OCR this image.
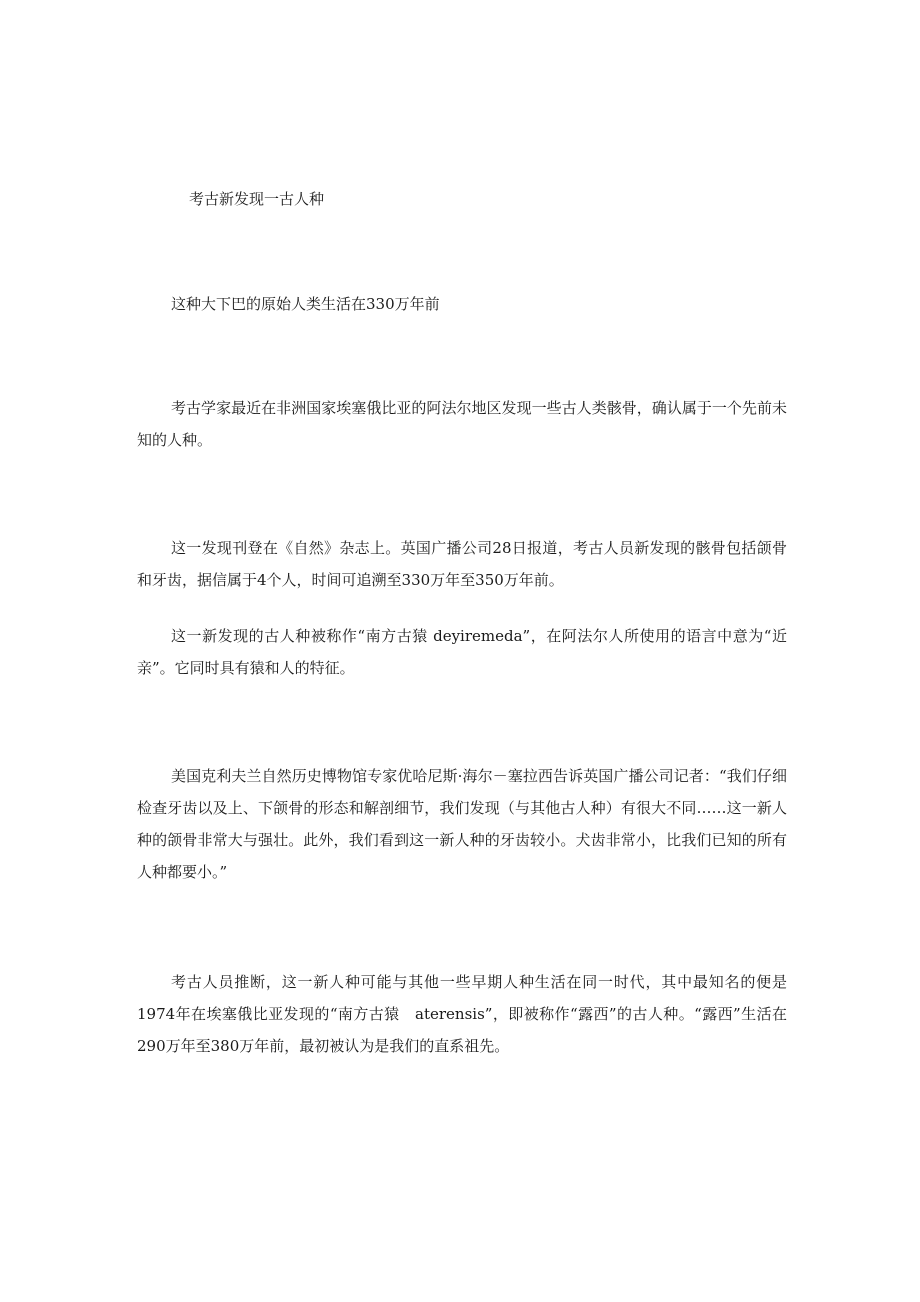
考古新发现一古人种

这种大下巴的原始人类生活在330万年前

考古学家最近在非洲国家埃塞俄比亚的阿法尔地区发现一些古人类骸骨，确认属于一个先前未知的人种。

这一发现刊登在《自然》杂志上。英国广播公司28日报道，考古人员新发现的骸骨包括颌骨和牙齿，据信属于4个人，时间可追溯至330万年至350万年前。

这一新发现的古人种被称作“南方古猿 deyiremeda”，在阿法尔人所使用的语言中意为“近亲”。它同时具有猿和人的特征。

美国克利夫兰自然历史博物馆专家优哈尼斯·海尔－塞拉西告诉英国广播公司记者：“我们仔细检查牙齿以及上、下颌骨的形态和解剖细节，我们发现（与其他古人种）有很大不同……这一新人种的颌骨非常大与强壮。此外，我们看到这一新人种的牙齿较小。犬齿非常小，比我们已知的所有人种都要小。”

考古人员推断，这一新人种可能与其他一些早期人种生活在同一时代，其中最知名的便是1974年在埃塞俄比亚发现的“南方古猿　aterensis”，即被称作“露西”的古人种。“露西”生活在290万年至380万年前，最初被认为是我们的直系祖先。
